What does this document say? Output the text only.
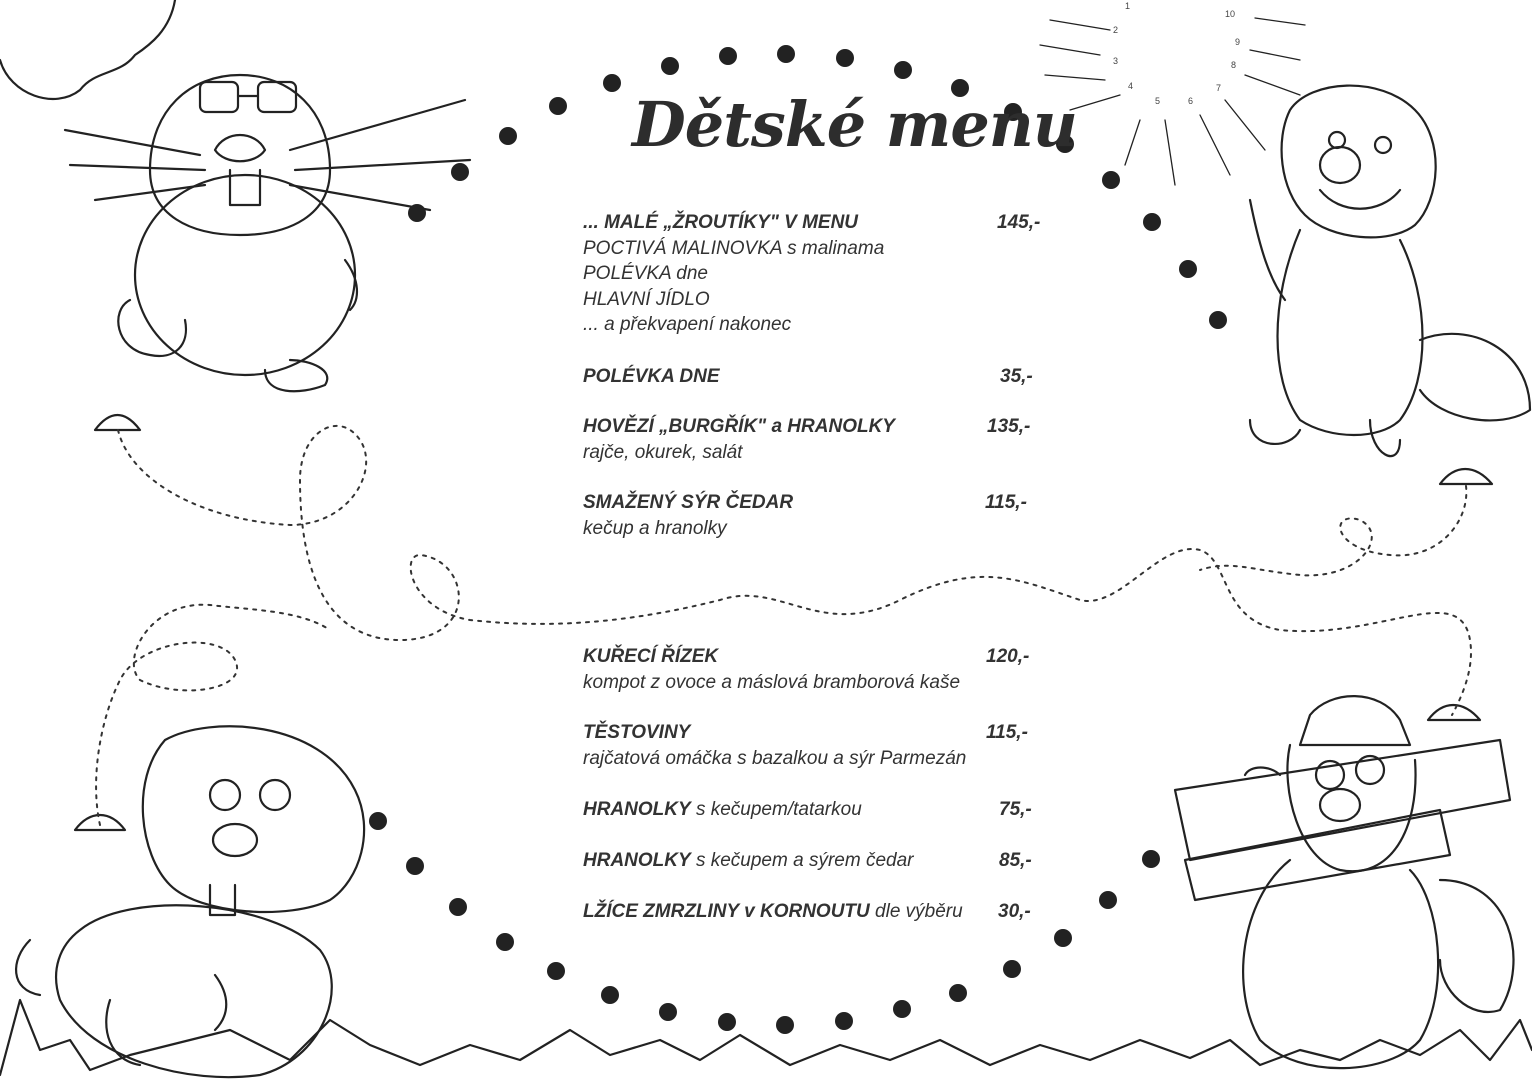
1
2
3
4
5	6
7
8
9
10
Dětské menu
... MALÉ „ŽROUTÍKY" V MENU	145,-
POCTIVÁ MALINOVKA s malinama
POLÉVKA dne
HLAVNÍ JÍDLO
... a překvapení nakonec
POLÉVKA DNE	35,-
HOVĚZÍ „BURGŘÍK" a HRANOLKY	135,-
rajče, okurek, salát
SMAŽENÝ SÝR ČEDAR	115,-
kečup a hranolky
KUŘECÍ ŘÍZEK	120,-
kompot z ovoce a máslová bramborová kaše
TĚSTOVINY	115,-
rajčatová omáčka s bazalkou a sýr Parmezán
HRANOLKY s kečupem/tatarkou	75,-
HRANOLKY s kečupem a sýrem čedar	85,-
LŽÍCE ZMRZLINY v KORNOUTU dle výběru 30,-
